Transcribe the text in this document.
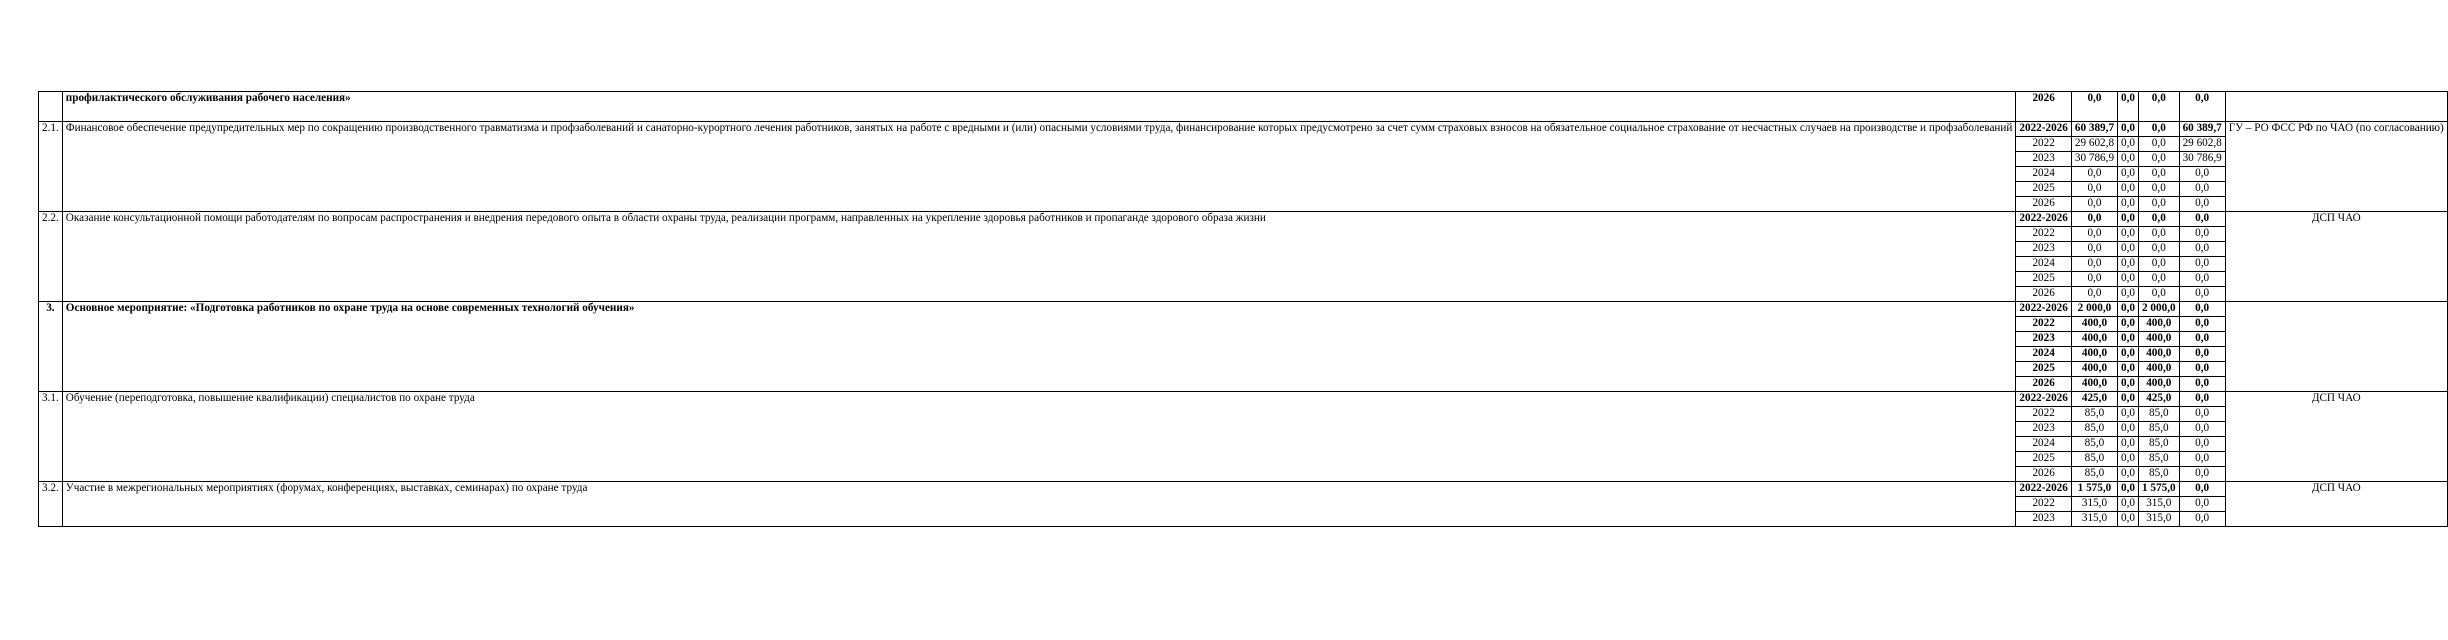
	профилактического обслуживания рабочего населения»	2026	0,0	0,0	0,0	0,0	
2.1.	Финансовое обеспечение предупредительных мер по сокращению производственного травматизма и профзаболеваний и санаторно-курортного лечения работников, занятых на работе с вредными и (или) опасными условиями труда, финансирование которых предусмотрено за счет сумм страховых взносов на обязательное социальное страхование от несчастных случаев на производстве и профзаболеваний	2022-2026	60 389,7	0,0	0,0	60 389,7	ГУ – РО ФСС РФ по ЧАО (по согласованию)
		2022	29 602,8	0,0	0,0	29 602,8	
		2023	30 786,9	0,0	0,0	30 786,9	
		2024	0,0	0,0	0,0	0,0	
		2025	0,0	0,0	0,0	0,0	
		2026	0,0	0,0	0,0	0,0	
2.2.	Оказание консультационной помощи работодателям по вопросам распространения и внедрения передового опыта в области охраны труда, реализации программ, направленных на укрепление здоровья работников и пропаганде здорового образа жизни	2022-2026	0,0	0,0	0,0	0,0	ДСП ЧАО
		2022	0,0	0,0	0,0	0,0	
		2023	0,0	0,0	0,0	0,0	
		2024	0,0	0,0	0,0	0,0	
		2025	0,0	0,0	0,0	0,0	
		2026	0,0	0,0	0,0	0,0	
3.	Основное мероприятие: «Подготовка работников по охране труда на основе современных технологий обучения»	2022-2026	2 000,0	0,0	2 000,0	0,0	
		2022	400,0	0,0	400,0	0,0	
		2023	400,0	0,0	400,0	0,0	
		2024	400,0	0,0	400,0	0,0	
		2025	400,0	0,0	400,0	0,0	
		2026	400,0	0,0	400,0	0,0	
3.1.	Обучение (переподготовка, повышение квалификации) специалистов по охране труда	2022-2026	425,0	0,0	425,0	0,0	ДСП ЧАО
		2022	85,0	0,0	85,0	0,0	
		2023	85,0	0,0	85,0	0,0	
		2024	85,0	0,0	85,0	0,0	
		2025	85,0	0,0	85,0	0,0	
		2026	85,0	0,0	85,0	0,0	
3.2.	Участие в межрегиональных мероприятиях (форумах, конференциях, выставках, семинарах) по охране труда	2022-2026	1 575,0	0,0	1 575,0	0,0	ДСП ЧАО
		2022	315,0	0,0	315,0	0,0	
		2023	315,0	0,0	315,0	0,0	
